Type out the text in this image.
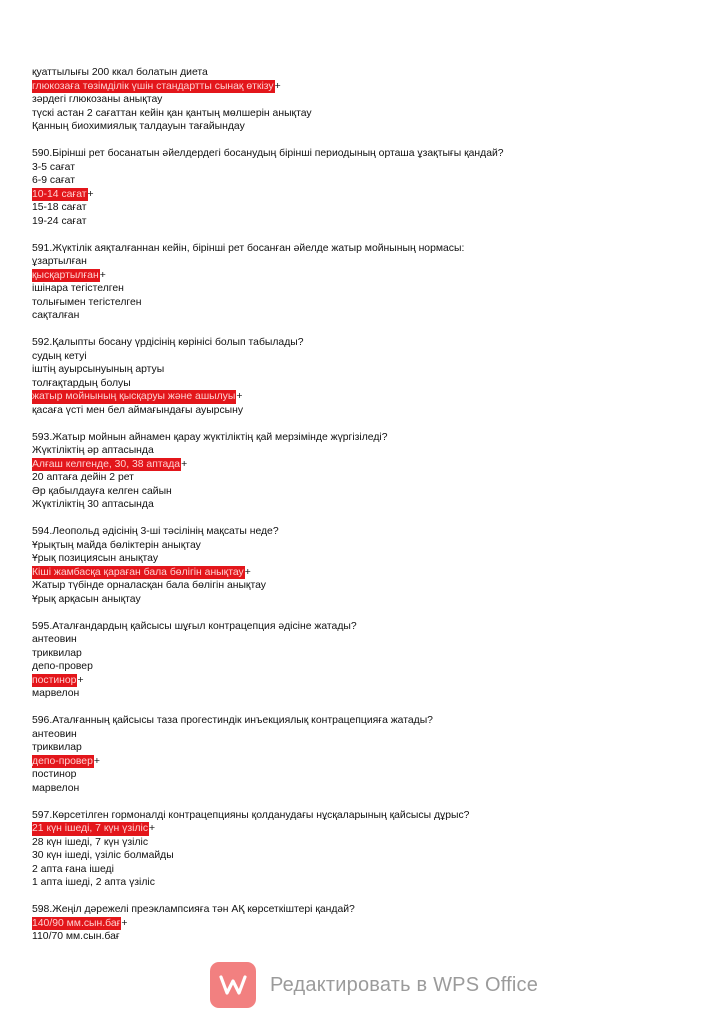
қуаттылығы 200 ккал болатын диета
глюкозаға төзімділік үшін стандартты сынақ өткізу+
зәрдегі глюкозаны анықтау
түскі астан 2 сағаттан кейін қан қантың мөлшерін анықтау
Қанның биохимиялық талдауын тағайындау
590.Бірінші рет босанатын әйелдердегі босанудың бірінші периодының орташа ұзақтығы қандай?
3-5 сағат
6-9 сағат
10-14 сағат+
15-18 сағат
19-24 сағат
591.Жүктілік аяқталғаннан кейін, бірінші рет босанған әйелде жатыр мойнының нормасы:
ұзартылған
қысқартылған+
ішінара тегістелген
толығымен тегістелген
сақталған
592.Қалыпты босану үрдісінің көрінісі болып табылады?
судың кетуі
іштің ауырсынуының артуы
толғақтардың болуы
жатыр мойнының қысқаруы және ашылуы+
қасаға үсті мен бел аймағындағы ауырсыну
593.Жатыр мойнын айнамен қарау жүктіліктің қай мерзімінде жүргізіледі?
Жүктіліктің әр аптасында
Алғаш келгенде, 30, 38 аптада+
20 аптаға дейін 2 рет
Әр қабылдауға келген сайын
Жүктіліктің 30 аптасында
594.Леопольд әдісінің 3-ші тәсілінің мақсаты неде?
Ұрықтың майда бөліктерін анықтау
Ұрық позициясын анықтау
Кіші жамбасқа қараған бала бөлігін анықтау+
Жатыр түбінде орналасқан бала бөлігін анықтау
Ұрық арқасын анықтау
595.Аталғандардың қайсысы шұғыл контрацепция әдісіне жатады?
антеовин
триквилар
депо-провер
постинор+
марвелон
596.Аталғанның қайсысы таза прогестиндік инъекциялық контрацепцияға жатады?
антеовин
триквилар
депо-провер+
постинор
марвелон
597.Көрсетілген гормоналді контрацепцияны қолданудағы нұсқаларының қайсысы дұрыс?
21 күн ішеді, 7 күн үзіліс+
28 күн ішеді, 7 күн үзіліс
30 күн ішеді, үзіліс болмайды
2 апта ғана ішеді
1 апта ішеді, 2 апта үзіліс
598.Жеңіл дәрежелі преэклампсияға тән АҚ көрсеткіштері қандай?
140/90 мм.сын.бағ+
110/70 мм.сын.бағ
Редактировать в WPS Office
